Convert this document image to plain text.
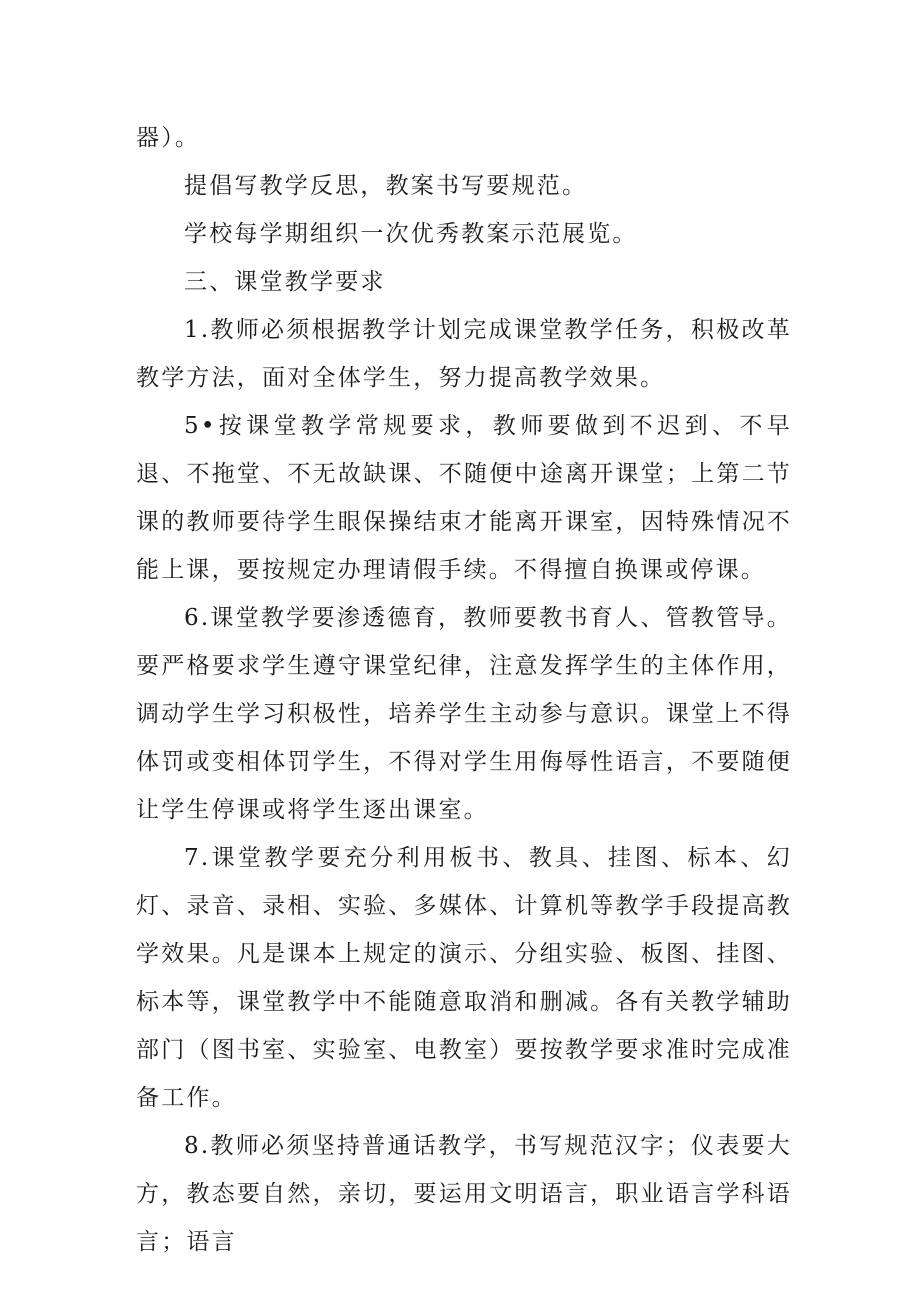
器）。

提倡写教学反思，教案书写要规范。

学校每学期组织一次优秀教案示范展览。

三、课堂教学要求

1.教师必须根据教学计划完成课堂教学任务，积极改革教学方法，面对全体学生，努力提高教学效果。

5•按课堂教学常规要求，教师要做到不迟到、不早退、不拖堂、不无故缺课、不随便中途离开课堂；上第二节课的教师要待学生眼保操结束才能离开课室，因特殊情况不能上课，要按规定办理请假手续。不得擅自换课或停课。

6.课堂教学要渗透德育，教师要教书育人、管教管导。要严格要求学生遵守课堂纪律，注意发挥学生的主体作用，调动学生学习积极性，培养学生主动参与意识。课堂上不得体罚或变相体罚学生，不得对学生用侮辱性语言，不要随便让学生停课或将学生逐出课室。

7.课堂教学要充分利用板书、教具、挂图、标本、幻灯、录音、录相、实验、多媒体、计算机等教学手段提高教学效果。凡是课本上规定的演示、分组实验、板图、挂图、标本等，课堂教学中不能随意取消和删减。各有关教学辅助部门（图书室、实验室、电教室）要按教学要求准时完成准备工作。

8.教师必须坚持普通话教学，书写规范汉字；仪表要大方，教态要自然，亲切，要运用文明语言，职业语言学科语言；语言
